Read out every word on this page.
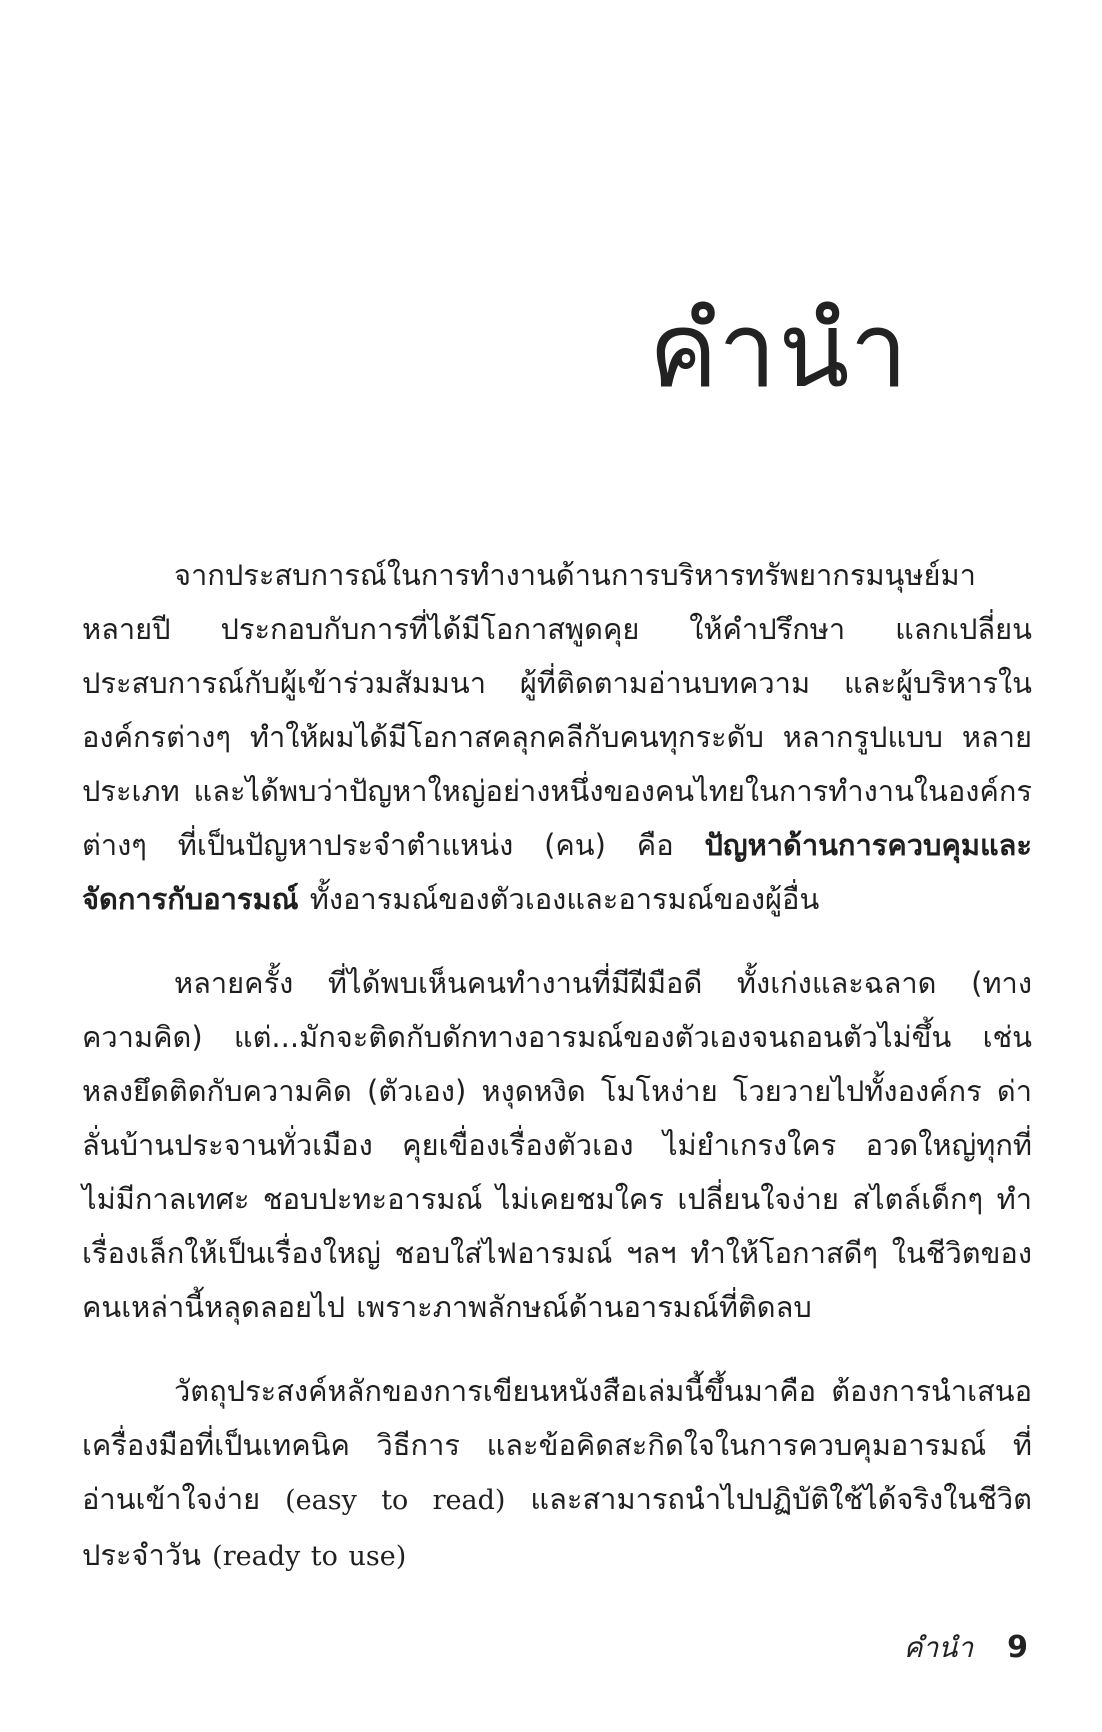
คำนำ

จากประสบการณ์ในการทำงานด้านการบริหารทรัพยากรมนุษย์มาหลายปี ประกอบกับการที่ได้มีโอกาสพูดคุย ให้คำปรึกษา แลกเปลี่ยนประสบการณ์กับผู้เข้าร่วมสัมมนา ผู้ที่ติดตามอ่านบทความ และผู้บริหารในองค์กรต่างๆ ทำให้ผมได้มีโอกาสคลุกคลีกับคนทุกระดับ หลากรูปแบบ หลายประเภท และได้พบว่าปัญหาใหญ่อย่างหนึ่งของคนไทยในการทำงานในองค์กรต่างๆ ที่เป็นปัญหาประจำตำแหน่ง (คน) คือ ปัญหาด้านการควบคุมและจัดการกับอารมณ์ ทั้งอารมณ์ของตัวเองและอารมณ์ของผู้อื่น

หลายครั้ง ที่ได้พบเห็นคนทำงานที่มีฝีมือดี ทั้งเก่งและฉลาด (ทางความคิด) แต่...มักจะติดกับดักทางอารมณ์ของตัวเองจนถอนตัวไม่ขึ้น เช่น หลงยึดติดกับความคิด (ตัวเอง) หงุดหงิด โมโหง่าย โวยวายไปทั้งองค์กร ด่าลั่นบ้านประจานทั่วเมือง คุยเขื่องเรื่องตัวเอง ไม่ยำเกรงใคร อวดใหญ่ทุกที่ ไม่มีกาลเทศะ ชอบปะทะอารมณ์ ไม่เคยชมใคร เปลี่ยนใจง่าย สไตล์เด็กๆ ทำเรื่องเล็กให้เป็นเรื่องใหญ่ ชอบใส่ไฟอารมณ์ ฯลฯ ทำให้โอกาสดีๆ ในชีวิตของคนเหล่านี้หลุดลอยไป เพราะภาพลักษณ์ด้านอารมณ์ที่ติดลบ

วัตถุประสงค์หลักของการเขียนหนังสือเล่มนี้ขึ้นมาคือ ต้องการนำเสนอเครื่องมือที่เป็นเทคนิค วิธีการ และข้อคิดสะกิดใจในการควบคุมอารมณ์ ที่อ่านเข้าใจง่าย (easy to read) และสามารถนำไปปฏิบัติใช้ได้จริงในชีวิตประจำวัน (ready to use)

คำนำ 9
